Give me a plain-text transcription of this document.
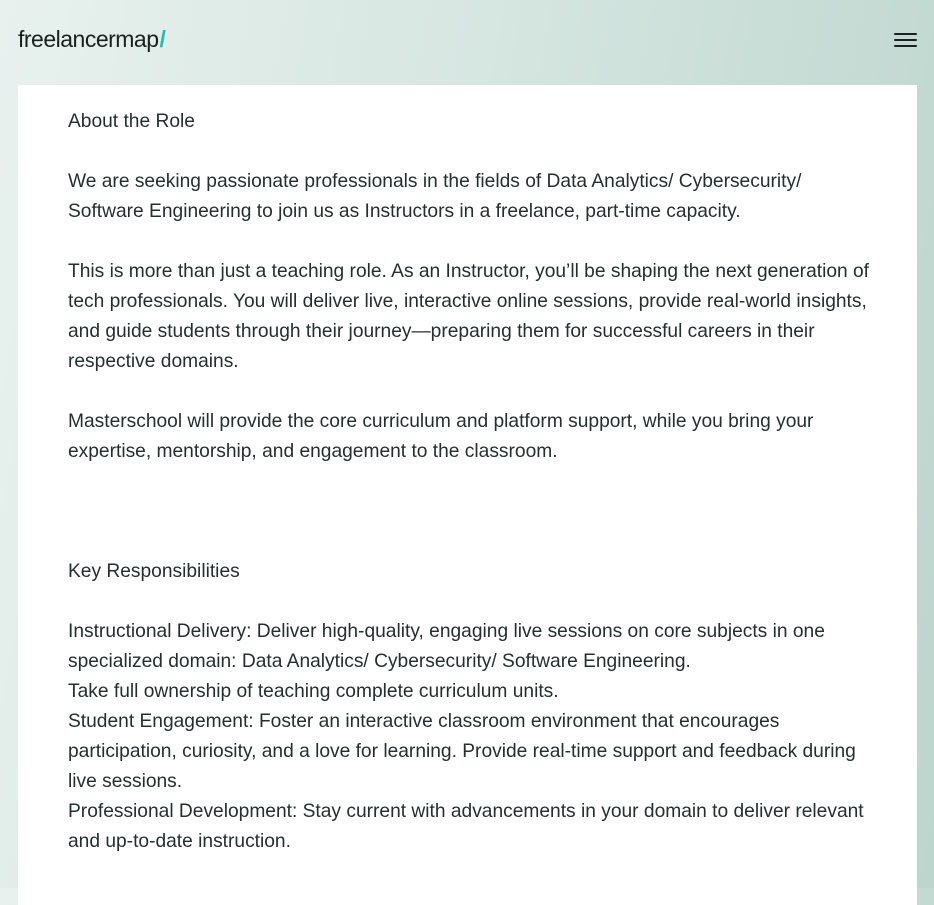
freelancermap/

About the Role

We are seeking passionate professionals in the fields of Data Analytics/ Cybersecurity/ Software Engineering to join us as Instructors in a freelance, part-time capacity.

This is more than just a teaching role. As an Instructor, you’ll be shaping the next generation of tech professionals. You will deliver live, interactive online sessions, provide real-world insights, and guide students through their journey—preparing them for successful careers in their respective domains.

Masterschool will provide the core curriculum and platform support, while you bring your expertise, mentorship, and engagement to the classroom.

Key Responsibilities

Instructional Delivery: Deliver high-quality, engaging live sessions on core subjects in one specialized domain: Data Analytics/ Cybersecurity/ Software Engineering.

Take full ownership of teaching complete curriculum units.

Student Engagement: Foster an interactive classroom environment that encourages participation, curiosity, and a love for learning. Provide real-time support and feedback during live sessions.

Professional Development: Stay current with advancements in your domain to deliver relevant and up-to-date instruction.
